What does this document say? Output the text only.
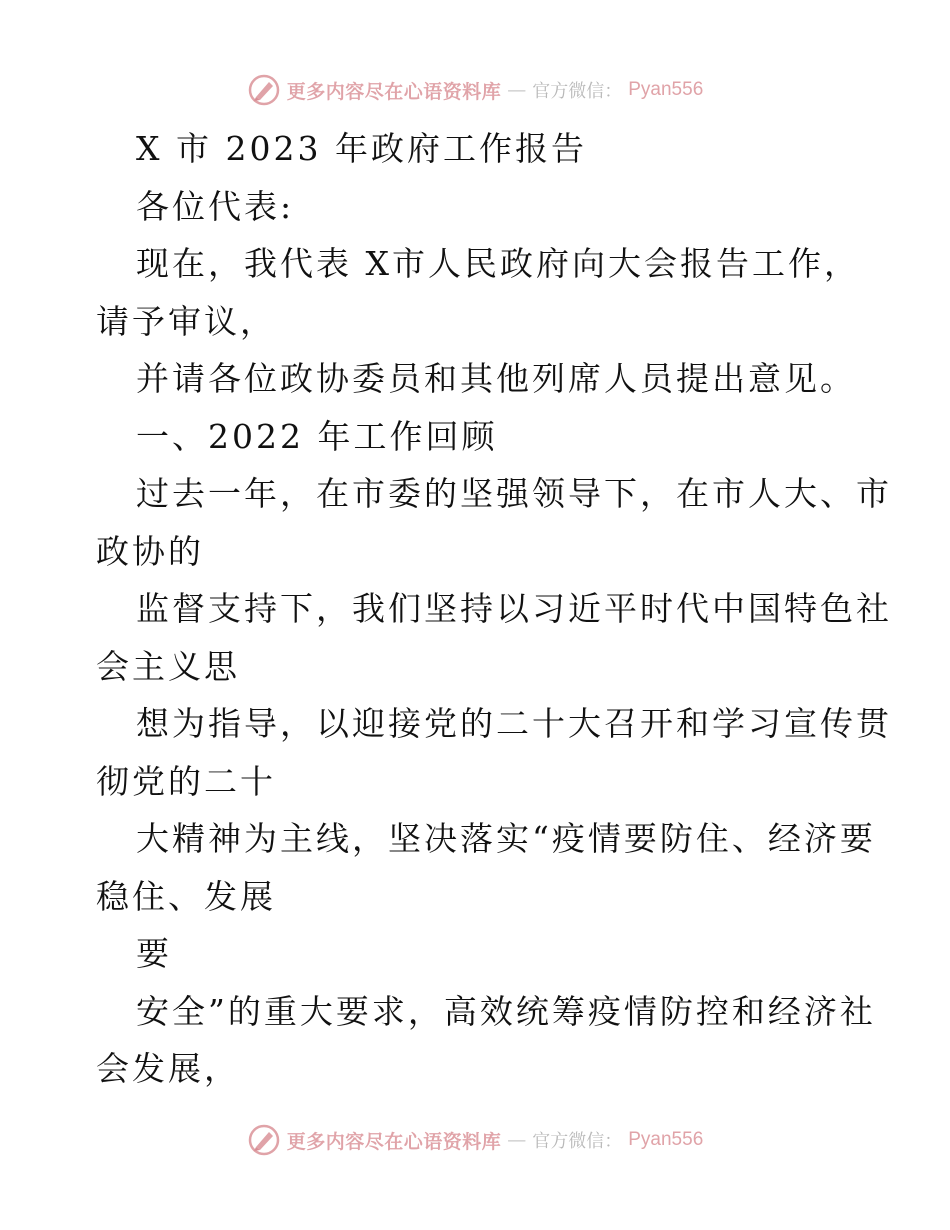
更多内容尽在心语资料库 — 官方微信： Pyan556
X 市 2023 年政府工作报告
各位代表:
现在，我代表 X市人民政府向大会报告工作，
请予审议，
并请各位政协委员和其他列席人员提出意见。
一、2022 年工作回顾
过去一年，在市委的坚强领导下，在市人大、市
政协的
监督支持下，我们坚持以习近平时代中国特色社
会主义思
想为指导，以迎接党的二十大召开和学习宣传贯
彻党的二十
大精神为主线，坚决落实“疫情要防住、经济要
稳住、发展
要
安全”的重大要求，高效统筹疫情防控和经济社
会发展，
更多内容尽在心语资料库 — 官方微信： Pyan556
